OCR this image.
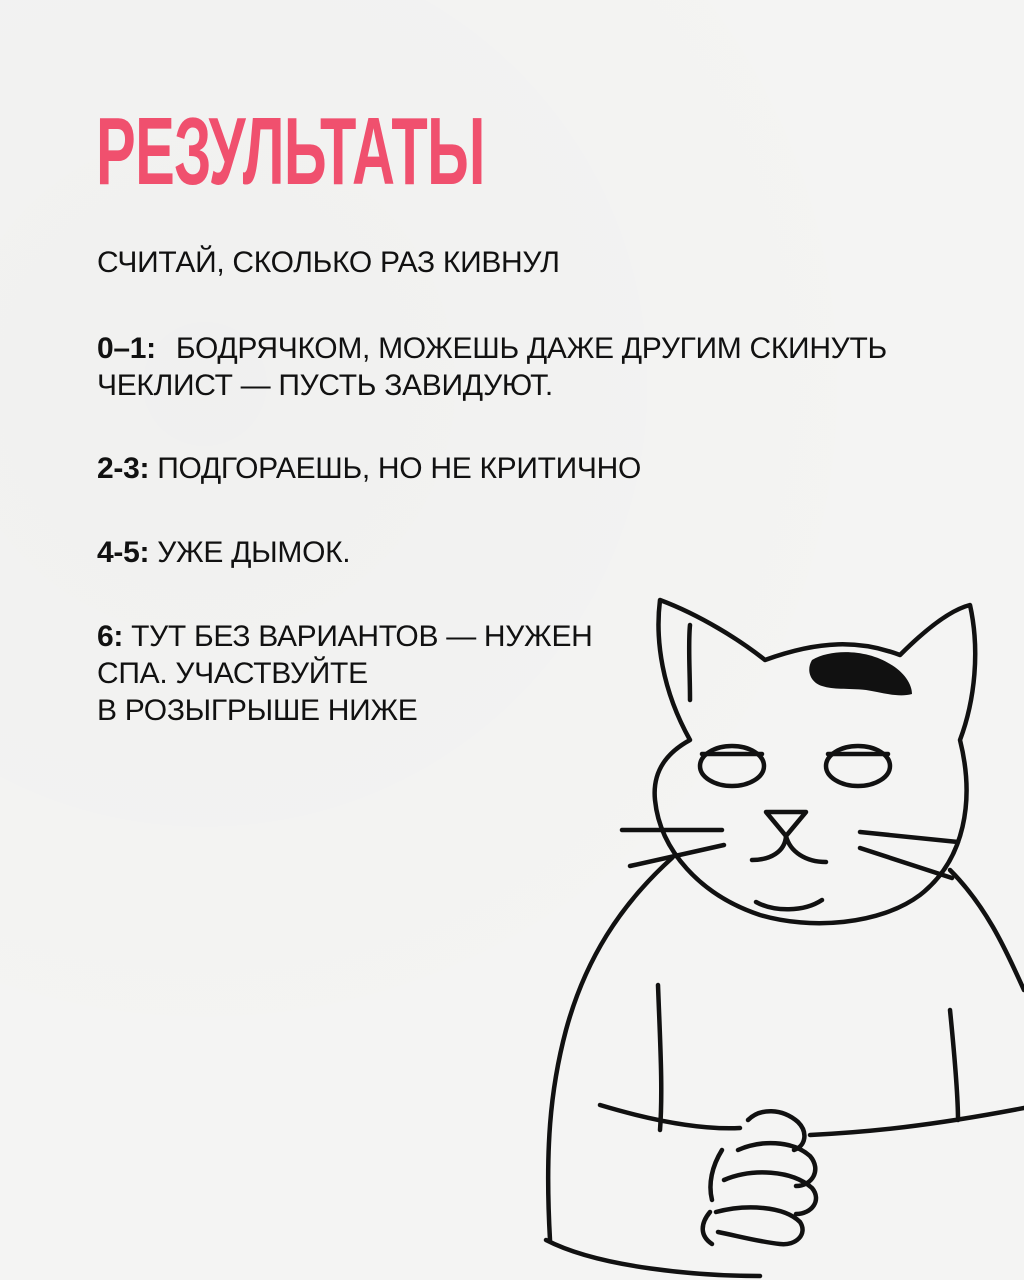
РЕЗУЛЬТАТЫ

СЧИТАЙ, СКОЛЬКО РАЗ КИВНУЛ

0–1: БОДРЯЧКОМ, МОЖЕШЬ ДАЖЕ ДРУГИМ СКИНУТЬ
ЧЕКЛИСТ — ПУСТЬ ЗАВИДУЮТ.

2-3: ПОДГОРАЕШЬ, НО НЕ КРИТИЧНО

4-5: УЖЕ ДЫМОК.

6: ТУТ БЕЗ ВАРИАНТОВ — НУЖЕН
СПА. УЧАСТВУЙТЕ
В РОЗЫГРЫШЕ НИЖЕ
